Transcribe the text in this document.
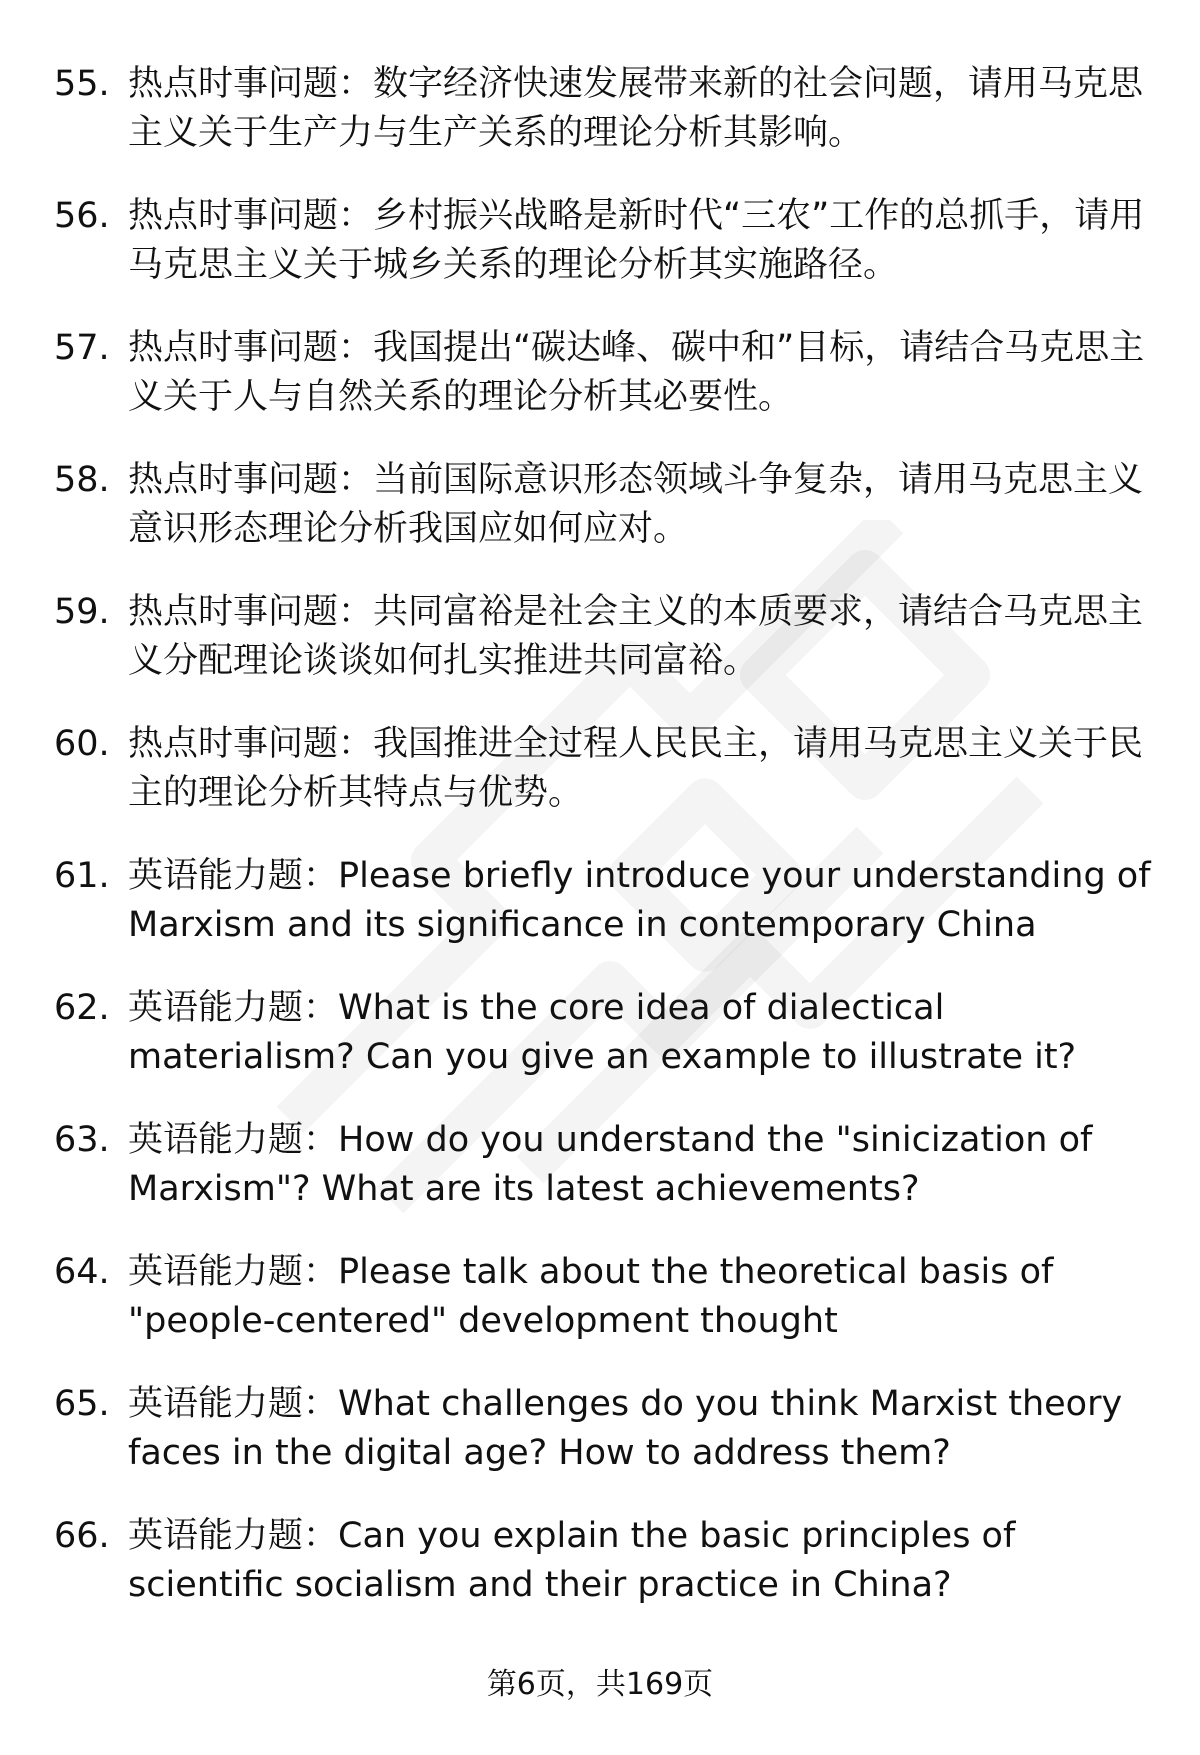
55. 热点时事问题：数字经济快速发展带来新的社会问题，请用马克思主义关于生产力与生产关系的理论分析其影响。
56. 热点时事问题：乡村振兴战略是新时代“三农”工作的总抓手，请用马克思主义关于城乡关系的理论分析其实施路径。
57. 热点时事问题：我国提出“碳达峰、碳中和”目标，请结合马克思主义关于人与自然关系的理论分析其必要性。
58. 热点时事问题：当前国际意识形态领域斗争复杂，请用马克思主义意识形态理论分析我国应如何应对。
59. 热点时事问题：共同富裕是社会主义的本质要求，请结合马克思主义分配理论谈谈如何扎实推进共同富裕。
60. 热点时事问题：我国推进全过程人民民主，请用马克思主义关于民主的理论分析其特点与优势。
61. 英语能力题：Please briefly introduce your understanding of Marxism and its significance in contemporary China
62. 英语能力题：What is the core idea of dialectical materialism? Can you give an example to illustrate it?
63. 英语能力题：How do you understand the "sinicization of Marxism"? What are its latest achievements?
64. 英语能力题：Please talk about the theoretical basis of "people-centered" development thought
65. 英语能力题：What challenges do you think Marxist theory faces in the digital age? How to address them?
66. 英语能力题：Can you explain the basic principles of scientific socialism and their practice in China?
第6页，共169页
